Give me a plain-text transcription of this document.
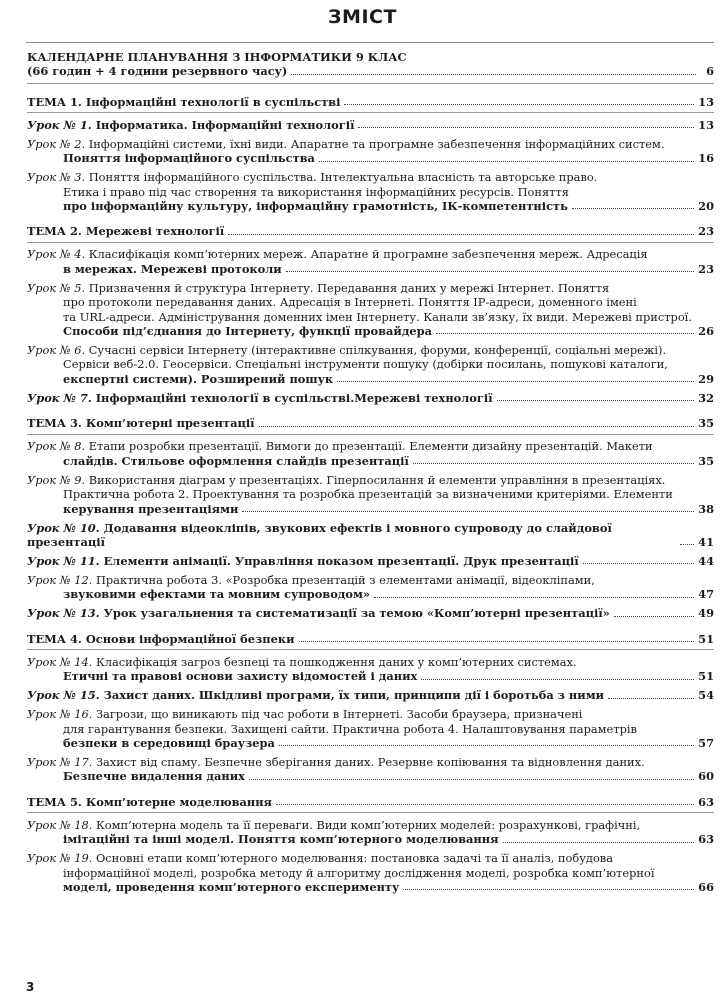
ЗМІСТ
КАЛЕНДАРНЕ ПЛАНУВАННЯ З ІНФОРМАТИКИ 9 КЛАС
(66 годин + 4 години резервного часу)	6
ТЕМА 1. Інформаційні технології в суспільстві	13
Урок № 1. Інформатика. Інформаційні технології	13
Урок № 2. Інформаційні системи, їхні види. Апаратне та програмне забезпечення інформаційних систем.
Поняття інформаційного суспільства	16
Урок № 3. Поняття інформаційного суспільства. Інтелектуальна власність та авторське право.
Етика і право під час створення та використання інформаційних ресурсів. Поняття
про інформаційну культуру, інформаційну грамотність, ІК-компетентність	20
ТЕМА 2. Мережеві технології	23
Урок № 4. Класифікація комп’ютерних мереж. Апаратне й програмне забезпечення мереж. Адресація
в мережах. Мережеві протоколи	23
Урок № 5. Призначення й структура Інтернету. Передавання даних у мережі Інтернет. Поняття
про протоколи передавання даних. Адресація в Інтернеті. Поняття ІР-адреси, доменного імені
та URL-адреси. Адміністрування доменних імен Інтернету. Канали зв’язку, їх види. Мережеві пристрої.
Способи під’єднання до Інтернету, функції провайдера	26
Урок № 6. Сучасні сервіси Інтернету (інтерактивне спілкування, форуми, конференції, соціальні мережі).
Сервіси веб-2.0. Геосервіси. Спеціальні інструменти пошуку (добірки посилань, пошукові каталоги,
експертні системи). Розширений пошук	29
Урок № 7. Інформаційні технології в суспільстві.Мережеві технології	32
ТЕМА 3. Комп’ютерні презентації	35
Урок № 8. Етапи розробки презентації. Вимоги до презентації. Елементи дизайну презентацій. Макети
слайдів. Стильове оформлення слайдів презентації	35
Урок № 9. Використання діаграм у презентаціях. Гіперпосилання й елементи управління в презентаціях.
Практична робота 2. Проектування та розробка презентацій за визначеними критеріями. Елементи
керування презентаціями	38
Урок № 10. Додавання відеокліпів, звукових ефектів і мовного супроводу до слайдової презентації	41
Урок № 11. Елементи анімації. Управління показом презентації. Друк презентації	44
Урок № 12. Практична робота 3. «Розробка презентацій з елементами анімації, відеокліпами,
звуковими ефектами та мовним супроводом»	47
Урок № 13. Урок узагальнення та систематизації за темою «Комп’ютерні презентації»	49
ТЕМА 4. Основи інформаційної безпеки	51
Урок № 14. Класифікація загроз безпеці та пошкодження даних у комп’ютерних системах.
Етичні та правові основи захисту відомостей і даних	51
Урок № 15. Захист даних. Шкідливі програми, їх типи, принципи дії і боротьба з ними	54
Урок № 16. Загрози, що виникають під час роботи в Інтернеті. Засоби браузера, призначені
для гарантування безпеки. Захищені сайти. Практична робота 4. Налаштовування параметрів
безпеки в середовищі браузера	57
Урок № 17. Захист від спаму. Безпечне зберігання даних. Резервне копіювання та відновлення даних.
Безпечне видалення даних	60
ТЕМА 5. Комп’ютерне моделювання	63
Урок № 18. Комп’ютерна модель та її переваги. Види комп’ютерних моделей: розрахункові, графічні,
імітаційні та інші моделі. Поняття комп’ютерного моделювання	63
Урок № 19. Основні етапи комп’ютерного моделювання: постановка задачі та її аналіз, побудова
інформаційної моделі, розробка методу й алгоритму дослідження моделі, розробка комп’ютерної
моделі, проведення комп’ютерного експерименту	66
3
